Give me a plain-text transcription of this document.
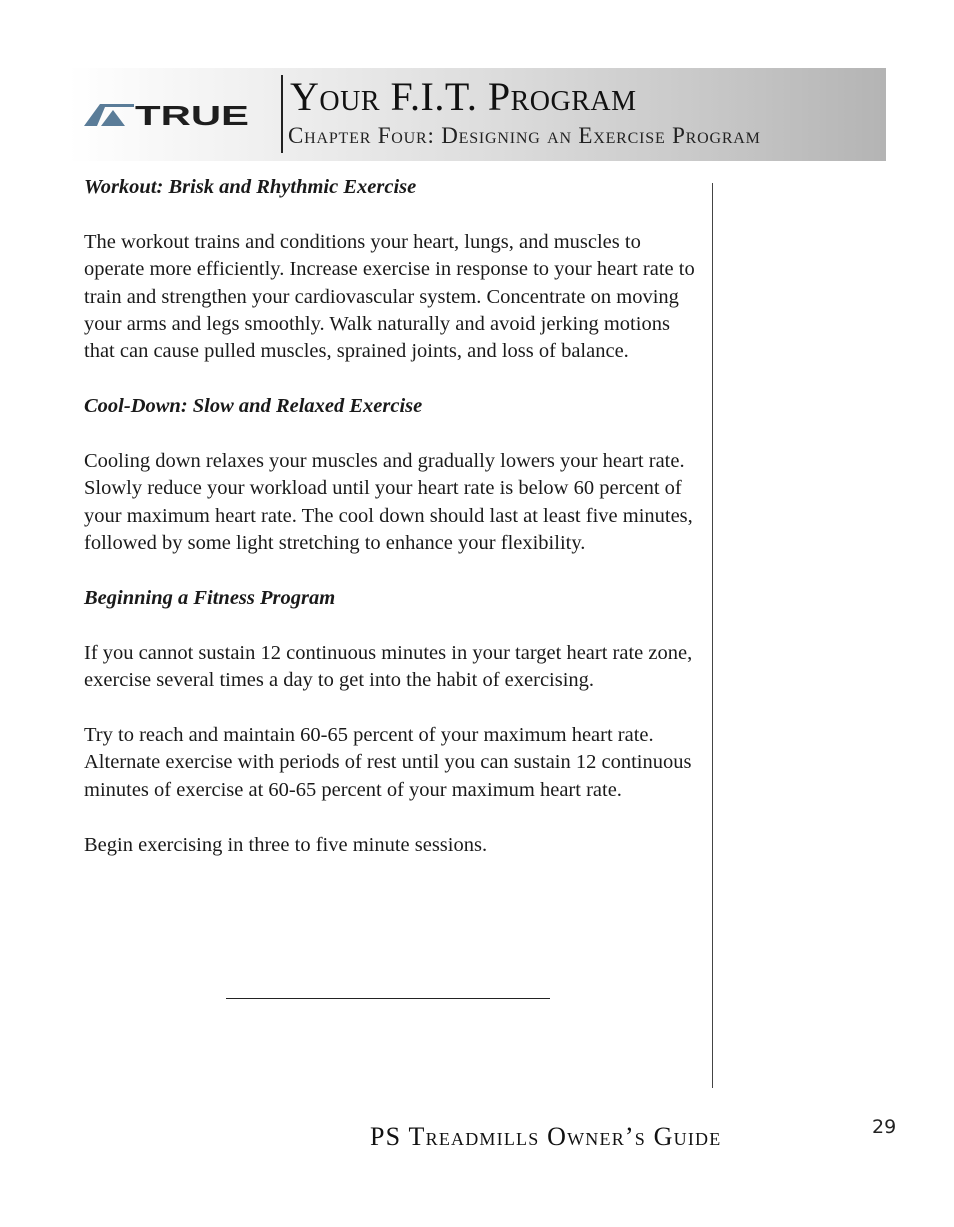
TRUE Your F.I.T. Program
Chapter Four: Designing an Exercise Program
Workout: Brisk and Rhythmic Exercise

The workout trains and conditions your heart, lungs, and muscles to operate more efficiently. Increase exercise in response to your heart rate to train and strengthen your cardiovascular system. Concentrate on moving your arms and legs smoothly. Walk naturally and avoid jerking motions that can cause pulled muscles, sprained joints, and loss of balance.

Cool-Down: Slow and Relaxed Exercise

Cooling down relaxes your muscles and gradually lowers your heart rate. Slowly reduce your workload until your heart rate is below 60 percent of your maximum heart rate. The cool down should last at least five minutes, followed by some light stretching to enhance your flexibility.

Beginning a Fitness Program

If you cannot sustain 12 continuous minutes in your target heart rate zone, exercise several times a day to get into the habit of exercising.

Try to reach and maintain 60-65 percent of your maximum heart rate. Alternate exercise with periods of rest until you can sustain 12 continuous minutes of exercise at 60-65 percent of your maximum heart rate.

Begin exercising in three to five minute sessions.

PS Treadmills Owner’s Guide	29
